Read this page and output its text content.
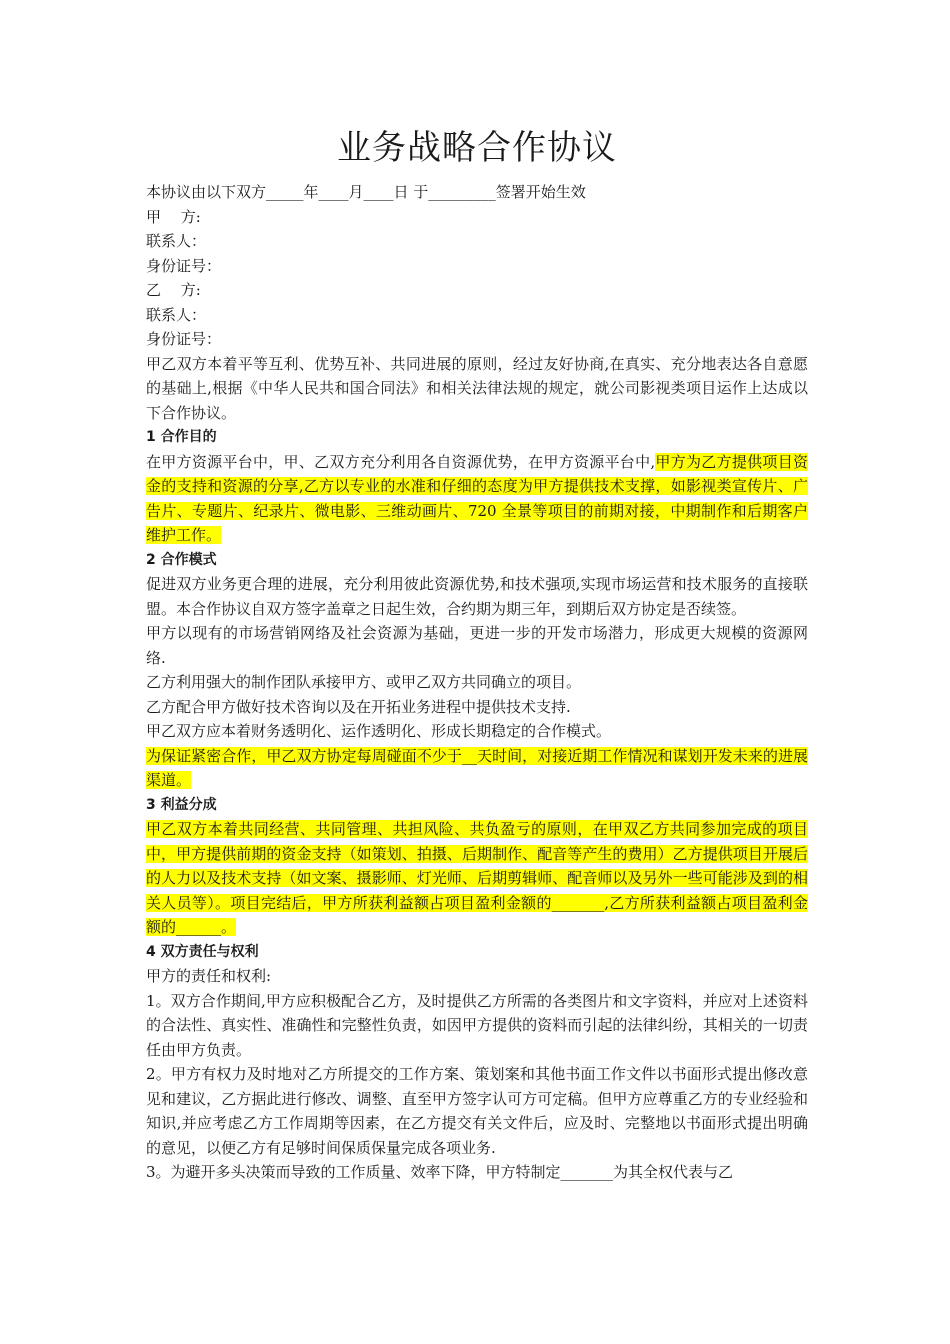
业务战略合作协议

本协议由以下双方_____年____月____日 于_________签署开始生效

甲　 方:

联系人：

身份证号：

乙　 方:

联系人：

身份证号：

甲乙双方本着平等互利、优势互补、共同进展的原则，经过友好协商,在真实、充分地表达各自意愿的基础上,根据《中华人民共和国合同法》和相关法律法规的规定，就公司影视类项目运作上达成以下合作协议。

1 合作目的

在甲方资源平台中，甲、乙双方充分利用各自资源优势，在甲方资源平台中,甲方为乙方提供项目资金的支持和资源的分享,乙方以专业的水准和仔细的态度为甲方提供技术支撑，如影视类宣传片、广告片、专题片、纪录片、微电影、三维动画片、720 全景等项目的前期对接，中期制作和后期客户维护工作。

2 合作模式

促进双方业务更合理的进展，充分利用彼此资源优势,和技术强项,实现市场运营和技术服务的直接联盟。本合作协议自双方签字盖章之日起生效，合约期为期三年，到期后双方协定是否续签。

甲方以现有的市场营销网络及社会资源为基础，更进一步的开发市场潜力，形成更大规模的资源网络.

乙方利用强大的制作团队承接甲方、或甲乙双方共同确立的项目。

乙方配合甲方做好技术咨询以及在开拓业务进程中提供技术支持.

甲乙双方应本着财务透明化、运作透明化、形成长期稳定的合作模式。

为保证紧密合作，甲乙双方协定每周碰面不少于__天时间，对接近期工作情况和谋划开发未来的进展渠道。

3 利益分成

甲乙双方本着共同经营、共同管理、共担风险、共负盈亏的原则，在甲双乙方共同参加完成的项目中，甲方提供前期的资金支持（如策划、拍摄、后期制作、配音等产生的费用）乙方提供项目开展后的人力以及技术支持（如文案、摄影师、灯光师、后期剪辑师、配音师以及另外一些可能涉及到的相关人员等）。项目完结后，甲方所获利益额占项目盈利金额的_______,乙方所获利益额占项目盈利金额的______。

4 双方责任与权利

甲方的责任和权利:

1。双方合作期间,甲方应积极配合乙方，及时提供乙方所需的各类图片和文字资料，并应对上述资料的合法性、真实性、准确性和完整性负责，如因甲方提供的资料而引起的法律纠纷，其相关的一切责任由甲方负责。

2。甲方有权力及时地对乙方所提交的工作方案、策划案和其他书面工作文件以书面形式提出修改意见和建议，乙方据此进行修改、调整、直至甲方签字认可方可定稿。但甲方应尊重乙方的专业经验和知识,并应考虑乙方工作周期等因素，在乙方提交有关文件后，应及时、完整地以书面形式提出明确的意见，以便乙方有足够时间保质保量完成各项业务.

3。为避开多头决策而导致的工作质量、效率下降，甲方特制定_______为其全权代表与乙
